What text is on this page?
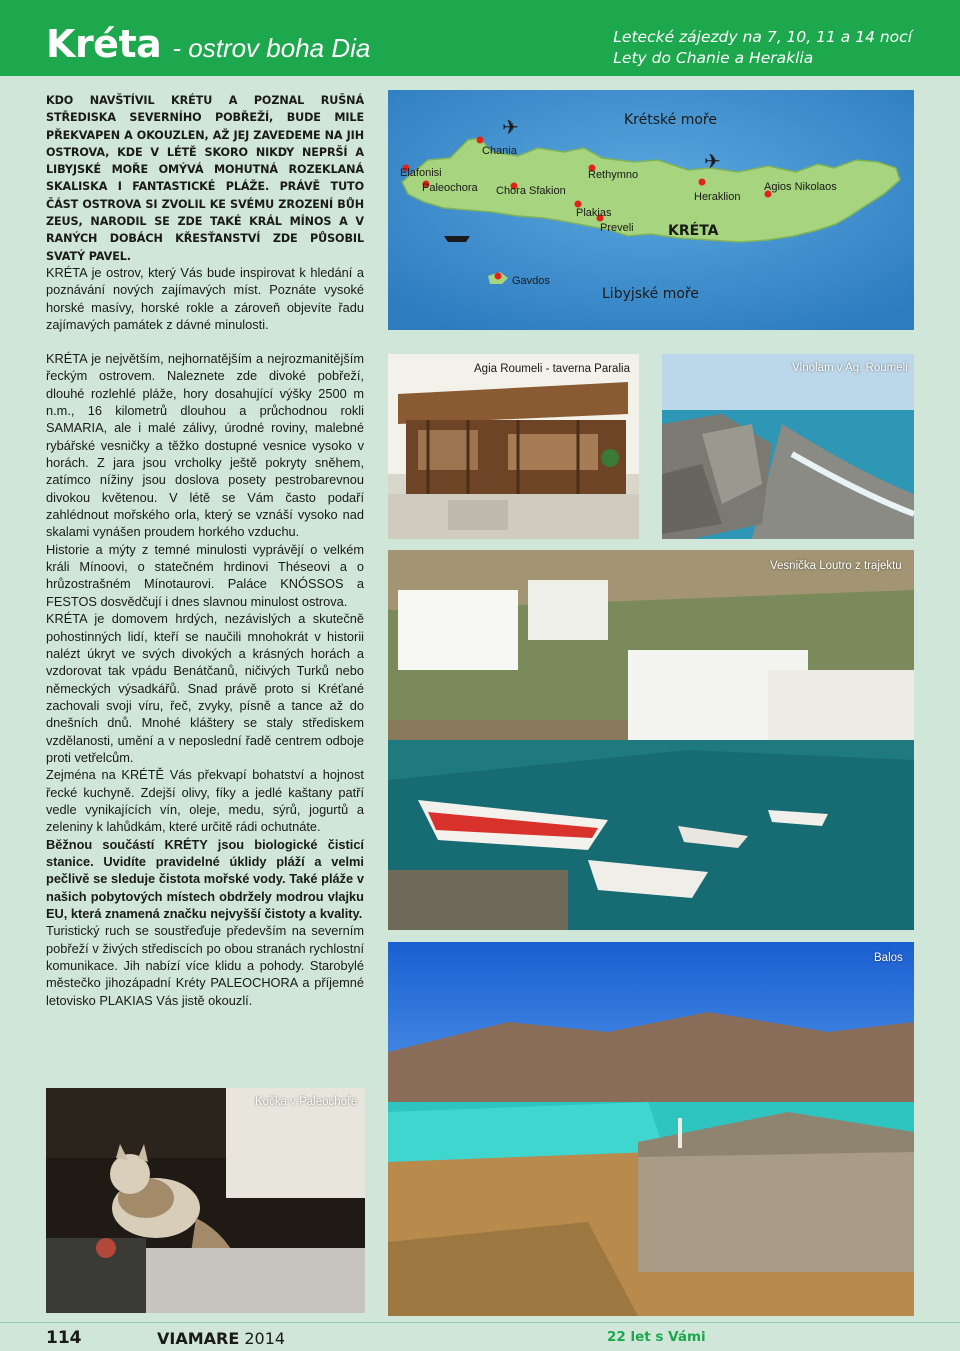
Kréta - ostrov boha Dia	Letecké zájezdy na 7, 10, 11 a 14 nocí
Lety do Chanie a Heraklia
KDO NAVŠTÍVIL KRÉTU A POZNAL RUŠNÁ STŘEDISKA SEVERNÍHO POBŘEŽÍ, BUDE MILE PŘEKVAPEN A OKOUZLEN, AŽ JEJ ZAVEDEME NA JIH OSTROVA, KDE V LÉTĚ SKORO NIKDY NEPRŠÍ A LIBYJSKÉ MOŘE OMÝVÁ MOHUTNÁ ROZEKLANÁ SKALISKA I FANTASTICKÉ PLÁŽE. PRÁVĚ TUTO ČÁST OSTROVA SI ZVOLIL KE SVÉMU ZROZENÍ BŮH ZEUS, NARODIL SE ZDE TAKÉ KRÁL MÍNOS A V RANÝCH DOBÁCH KŘESŤANSTVÍ ZDE PŮSOBIL SVATÝ PAVEL.
KRÉTA je ostrov, který Vás bude inspirovat k hledání a poznávání nových zajímavých míst. Poznáte vysoké horské masívy, horské rokle a zároveň objevíte řadu zajímavých památek z dávné minulosti.
✈
✈
Krétské moře
Libyjské moře
KRÉTA
Elafonisi
Paleochora
Chania
Chora Sfakion
Rethymno
Plakias
Preveli
Heraklion
Agios Nikolaos
Gavdos

KRÉTA je největším, nejhornatějším a nejrozmanitějším řeckým ostrovem. Naleznete zde divoké pobřeží, dlouhé rozlehlé pláže, hory dosahující výšky 2500 m n.m., 16 kilometrů dlouhou a průchodnou rokli SAMARIA, ale i malé zálivy, úrodné roviny, malebné rybářské vesničky a těžko dostupné vesnice vysoko v horách. Z jara jsou vrcholky ještě pokryty sněhem, zatímco nížiny jsou doslova posety pestrobarevnou divokou květenou. V létě se Vám často podaří zahlédnout mořského orla, který se vznáší vysoko nad skalami vynášen proudem horkého vzduchu.

Historie a mýty z temné minulosti vyprávějí o velkém králi Mínoovi, o statečném hrdinovi Théseovi a o hrůzostrašném Mínotaurovi. Paláce KNÓSSOS a FESTOS dosvědčují i dnes slavnou minulost ostrova.

KRÉTA je domovem hrdých, nezávislých a skutečně pohostinných lidí, kteří se naučili mnohokrát v historii nalézt úkryt ve svých divokých a krásných horách a vzdorovat tak vpádu Benátčanů, ničivých Turků nebo německých výsadkářů. Snad právě proto si Kréťané zachovali svoji víru, řeč, zvyky, písně a tance až do dnešních dnů. Mnohé kláštery se staly střediskem vzdělanosti, umění a v neposlední řadě centrem odboje proti vetřelcům.

Zejména na KRÉTĚ Vás překvapí bohatství a hojnost řecké kuchyně. Zdejší olivy, fíky a jedlé kaštany patří vedle vynikajících vín, oleje, medu, sýrů, jogurtů a zeleniny k lahůdkám, které určitě rádi ochutnáte.

Běžnou součástí KRÉTY jsou biologické čisticí stanice. Uvidíte pravidelné úklidy pláží a velmi pečlivě se sleduje čistota mořské vody. Také pláže v našich pobytových místech obdržely modrou vlajku EU, která znamená značku nejvyšší čistoty a kvality.

Turistický ruch se soustřeďuje především na severním pobřeží v živých střediscích po obou stranách rychlostní komunikace. Jih nabízí více klidu a pohody. Starobylé městečko jihozápadní Kréty PALEOCHORA a příjemné letovisko PLAKIAS Vás jistě okouzlí.

Agia Roumeli - taverna Paralia	Vlnolam v Ag. Roumeli
Vesnička Loutro z trajektu
Balos
Kočka v Paleochoře
114	VIAMARE 2014	22 let s Vámi
